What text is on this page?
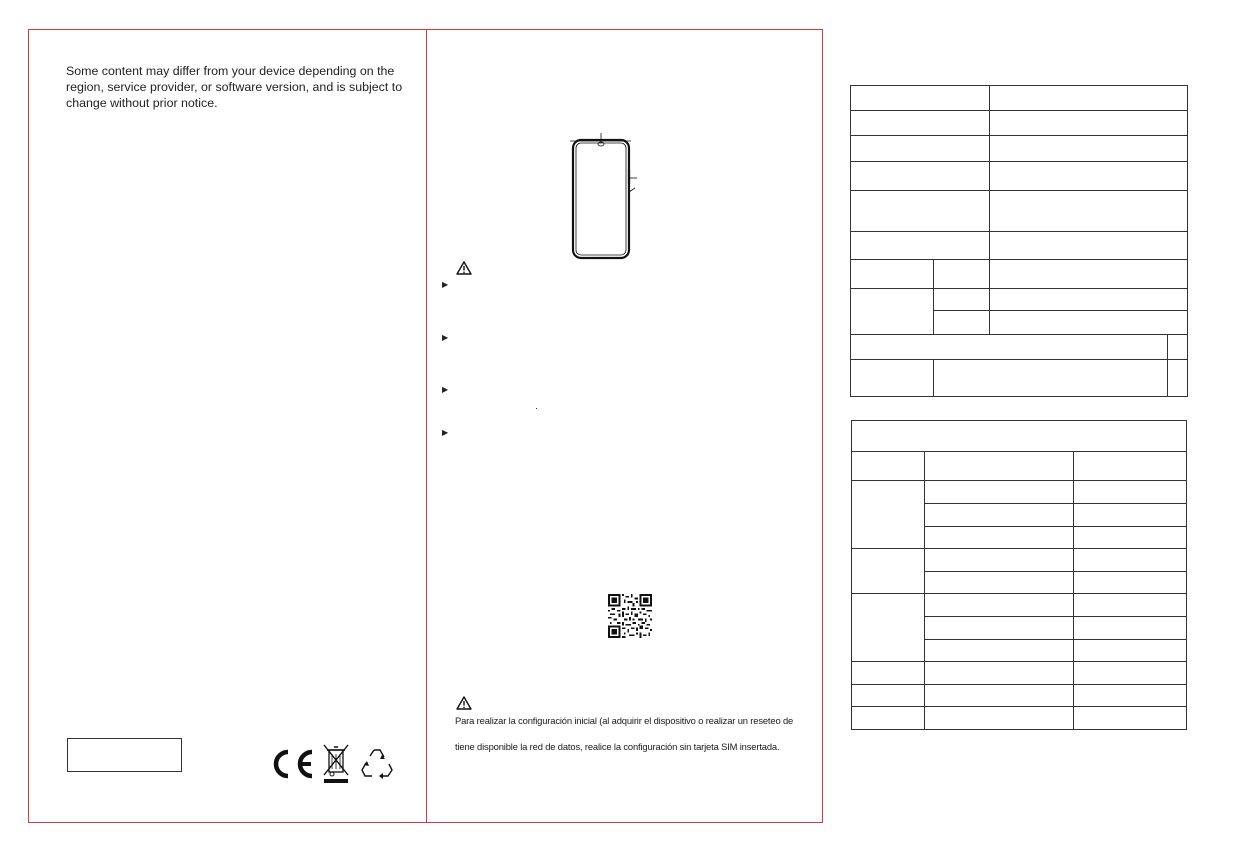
Some content may differ from your device depending on the region, service provider, or software version, and is subject to change without prior notice.

▶
▶
▶
▶

Para realizar la configuración inicial (al adquirir el dispositivo o realizar un reseteo de

tiene disponible la red de datos, realice la configuración sin tarjeta SIM insertada.
